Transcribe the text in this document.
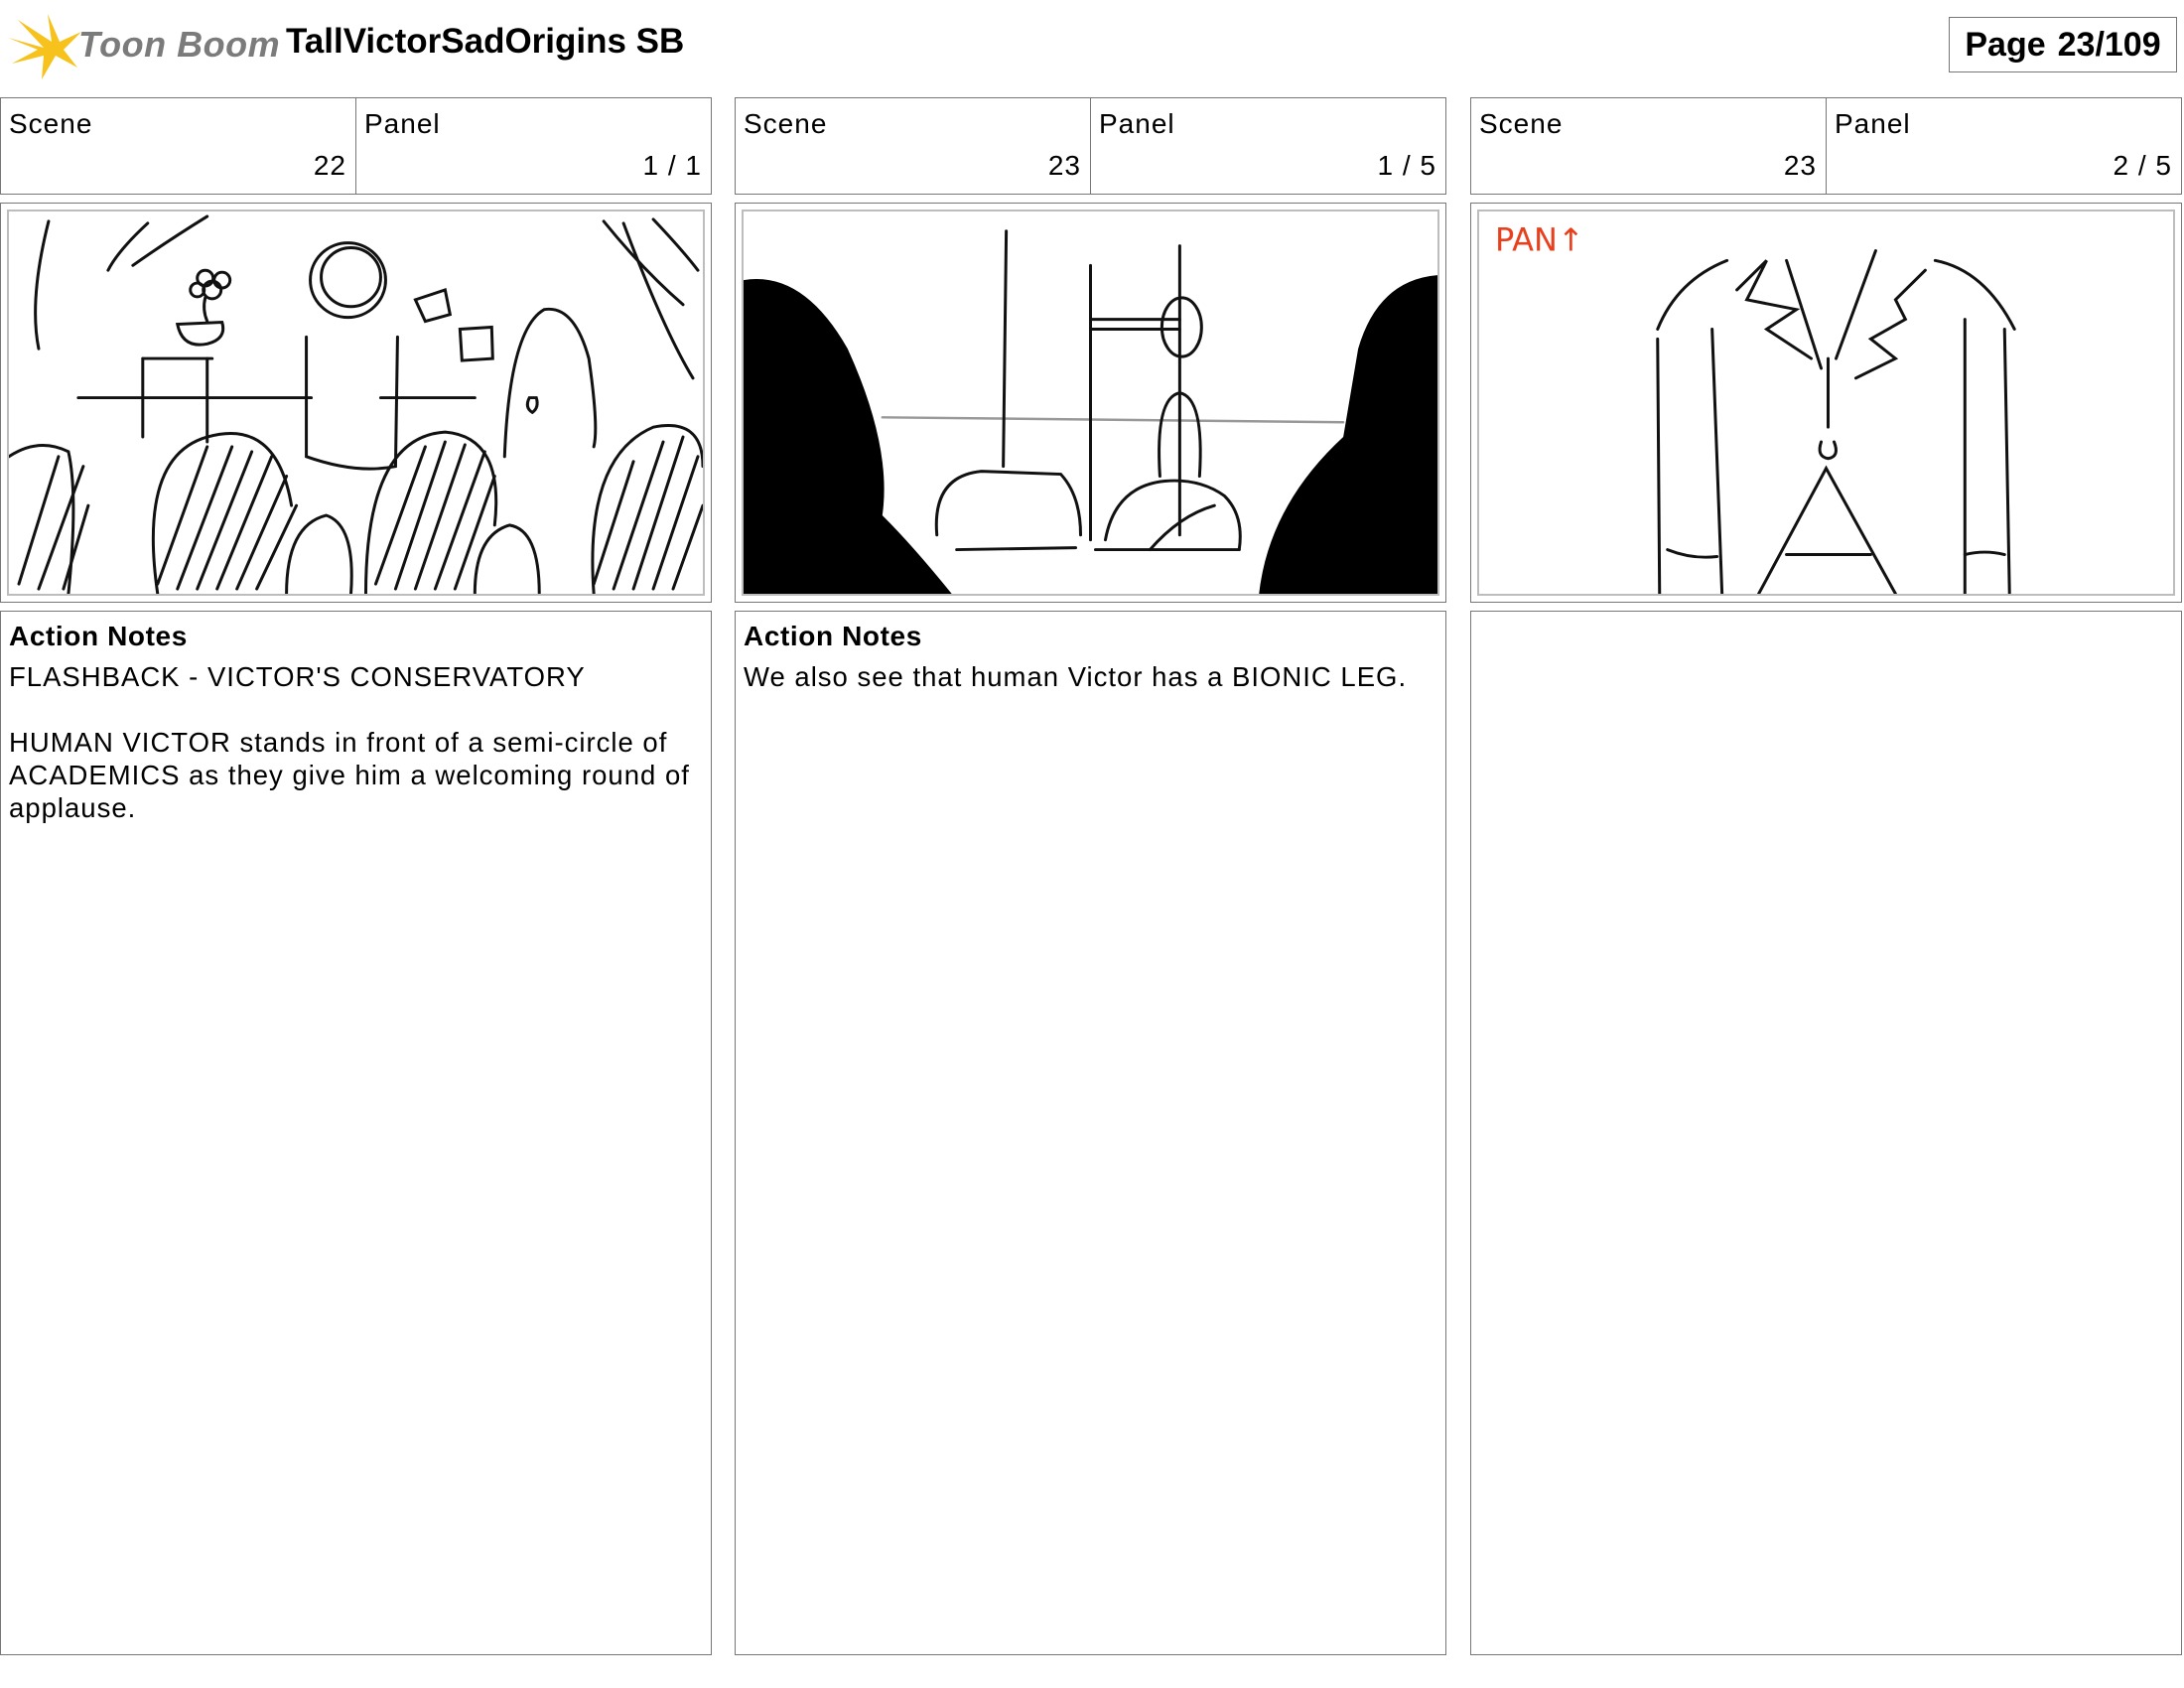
Toon Boom TallVictorSadOrigins SB	Page 23/109
Scene
22
Panel
1 / 1
Action Notes
FLASHBACK - VICTOR'S CONSERVATORY

HUMAN VICTOR stands in front of a semi-circle of ACADEMICS as they give him a welcoming round of applause.
Scene
23
Panel
1 / 5
Action Notes
We also see that human Victor has a BIONIC LEG.
Scene
23
Panel
2 / 5
PAN↑
